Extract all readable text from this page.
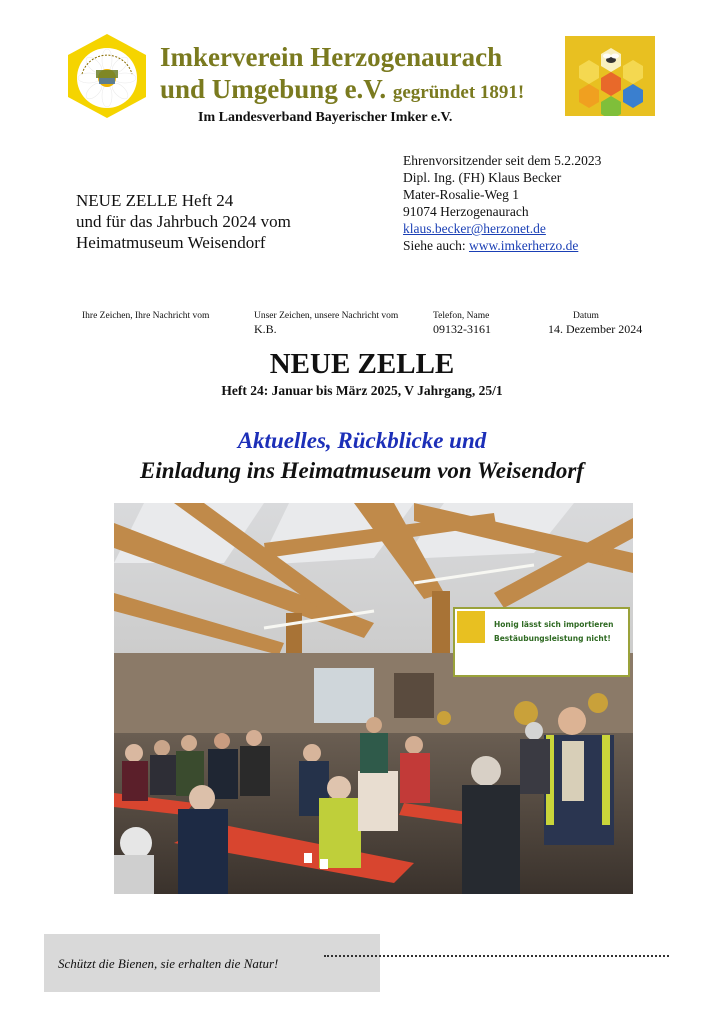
Imkerverein Herzogenaurach
und Umgebung e.V. gegründet 1891!
Im Landesverband Bayerischer Imker e.V.
NEUE ZELLE Heft 24
und für das Jahrbuch 2024 vom
Heimatmuseum Weisendorf
Ehrenvorsitzender seit dem 5.2.2023
Dipl. Ing. (FH) Klaus Becker
Mater-Rosalie-Weg 1
91074 Herzogenaurach
klaus.becker@herzonet.de
Siehe auch: www.imkerherzo.de
Ihre Zeichen, Ihre Nachricht vom	Unser Zeichen, unsere Nachricht vom
K.B.
Telefon, Name
09132-3161
Datum
14. Dezember 2024
NEUE ZELLE
Heft 24: Januar bis März 2025, V Jahrgang, 25/1
Aktuelles, Rückblicke und
Einladung ins Heimatmuseum von Weisendorf
Honig lässt sich importieren
Bestäubungsleistung nicht!
Schützt die Bienen, sie erhalten die Natur!
